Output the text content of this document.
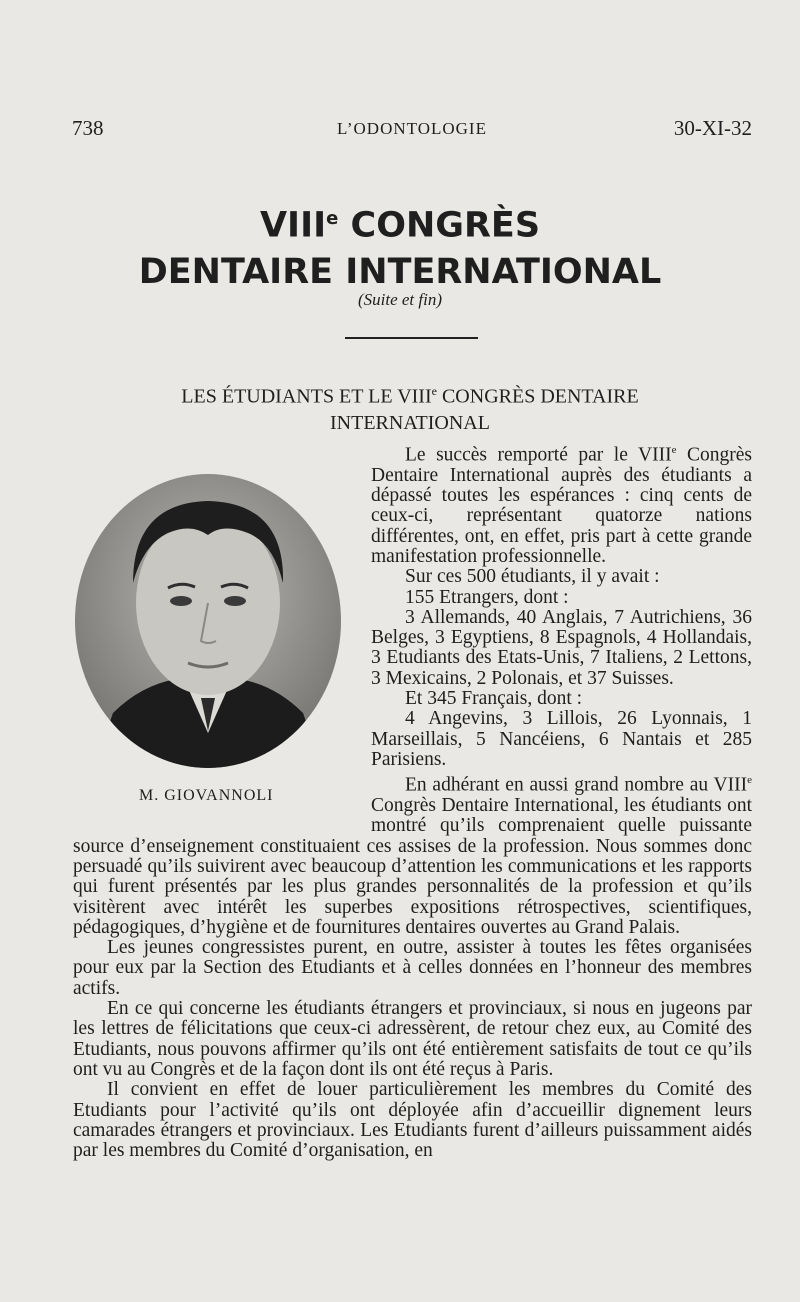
738	L’ODONTOLOGIE	30-XI-32
VIIIe CONGRÈS
DENTAIRE INTERNATIONAL
(Suite et fin)
LES ÉTUDIANTS ET LE VIIIe CONGRÈS DENTAIRE INTERNATIONAL
M. GIOVANNOLI

Le succès remporté par le VIIIe Congrès Dentaire International auprès des étudiants a dépassé toutes les espérances : cinq cents de ceux-ci, représentant quatorze nations différentes, ont, en effet, pris part à cette grande manifestation professionnelle.

Sur ces 500 étudiants, il y avait :

155 Etrangers, dont :

3 Allemands, 40 Anglais, 7 Autrichiens, 36 Belges, 3 Egyptiens, 8 Espagnols, 4 Hollandais, 3 Etudiants des Etats-Unis, 7 Italiens, 2 Lettons, 3 Mexicains, 2 Polonais, et 37 Suisses.

Et 345 Français, dont :

4 Angevins, 3 Lillois, 26 Lyonnais, 1 Marseillais, 5 Nancéiens, 6 Nantais et 285 Parisiens.

En adhérant en aussi grand nombre au VIIIe Congrès Dentaire International, les étudiants ont montré qu’ils comprenaient quelle puissante source d’enseignement constituaient ces assises de la profession. Nous sommes donc persuadé qu’ils suivirent avec beaucoup d’attention les communications et les rapports qui furent présentés par les plus grandes personnalités de la profession et qu’ils visitèrent avec intérêt les superbes expositions rétrospectives, scientifiques, pédagogiques, d’hygiène et de fournitures dentaires ouvertes au Grand Palais.

Les jeunes congressistes purent, en outre, assister à toutes les fêtes organisées pour eux par la Section des Etudiants et à celles données en l’honneur des membres actifs.

En ce qui concerne les étudiants étrangers et provinciaux, si nous en jugeons par les lettres de félicitations que ceux-ci adressèrent, de retour chez eux, au Comité des Etudiants, nous pouvons affirmer qu’ils ont été entièrement satisfaits de tout ce qu’ils ont vu au Congrès et de la façon dont ils ont été reçus à Paris.

Il convient en effet de louer particulièrement les membres du Comité des Etudiants pour l’activité qu’ils ont déployée afin d’accueillir dignement leurs camarades étrangers et provinciaux. Les Etudiants furent d’ailleurs puissamment aidés par les membres du Comité d’organisation, en
